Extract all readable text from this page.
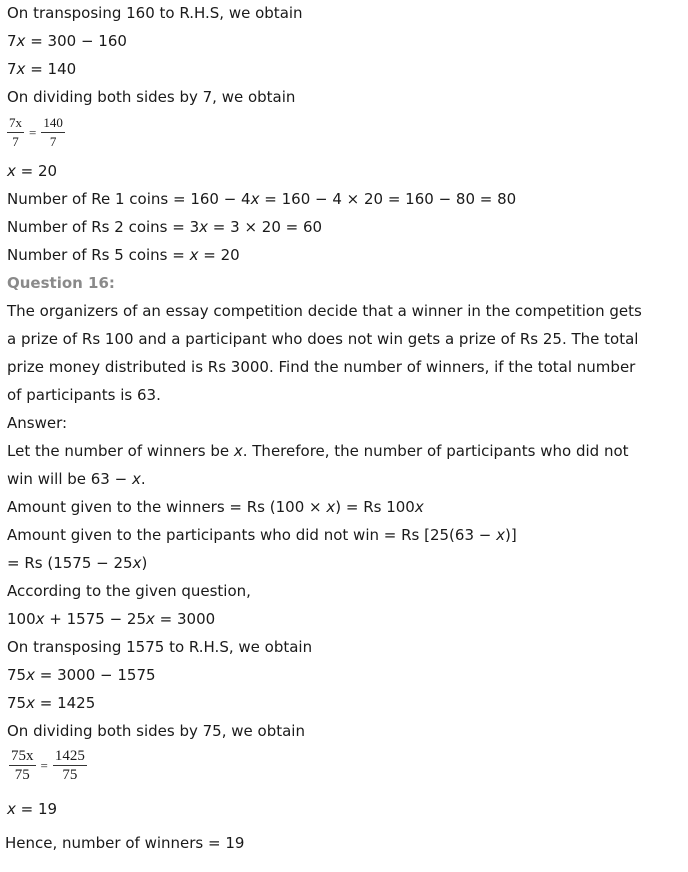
On transposing 160 to R.H.S, we obtain
7x = 300 − 160
7x = 140
On dividing both sides by 7, we obtain
$\frac{7x}{7} = \frac{140}{7}$
x = 20
Number of Re 1 coins = 160 − 4x = 160 − 4 × 20 = 160 − 80 = 80
Number of Rs 2 coins = 3x = 3 × 20 = 60
Number of Rs 5 coins = x = 20
Question 16:
The organizers of an essay competition decide that a winner in the competition gets
a prize of Rs 100 and a participant who does not win gets a prize of Rs 25. The total
prize money distributed is Rs 3000. Find the number of winners, if the total number
of participants is 63.
Answer:
Let the number of winners be x. Therefore, the number of participants who did not
win will be 63 − x.
Amount given to the winners = Rs (100 × x) = Rs 100x
Amount given to the participants who did not win = Rs [25(63 − x)]
= Rs (1575 − 25x)
According to the given question,
100x + 1575 − 25x = 3000
On transposing 1575 to R.H.S, we obtain
75x = 3000 − 1575
75x = 1425
On dividing both sides by 75, we obtain
$\frac{75x}{75} = \frac{1425}{75}$
x = 19
Hence, number of winners = 19
